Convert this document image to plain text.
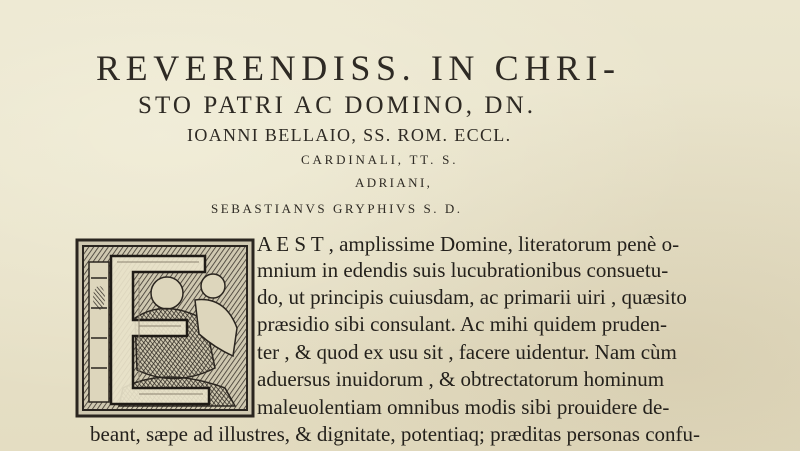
REVERENDISS. IN CHRI-
STO PATRI AC DOMINO, DN.
IOANNI BELLAIO, SS. ROM. ECCL.
CARDINALI, TT. S.
ADRIANI,
SEBASTIANVS GRYPHIVS S. D.

A E S T , amplissime Domine, literatorum penè o-

mnium in edendis suis lucubrationibus consuetu-

do, ut principis cuiusdam, ac primarii uiri , quæsito

præsidio sibi consulant. Ac mihi quidem pruden-

ter , & quod ex usu sit , facere uidentur. Nam cùm

aduersus inuidorum , & obtrectatorum hominum

maleuolentiam omnibus modis sibi prouidere de-

beant, sæpe ad illustres, & dignitate, potentiaq; præditas personas confu-
